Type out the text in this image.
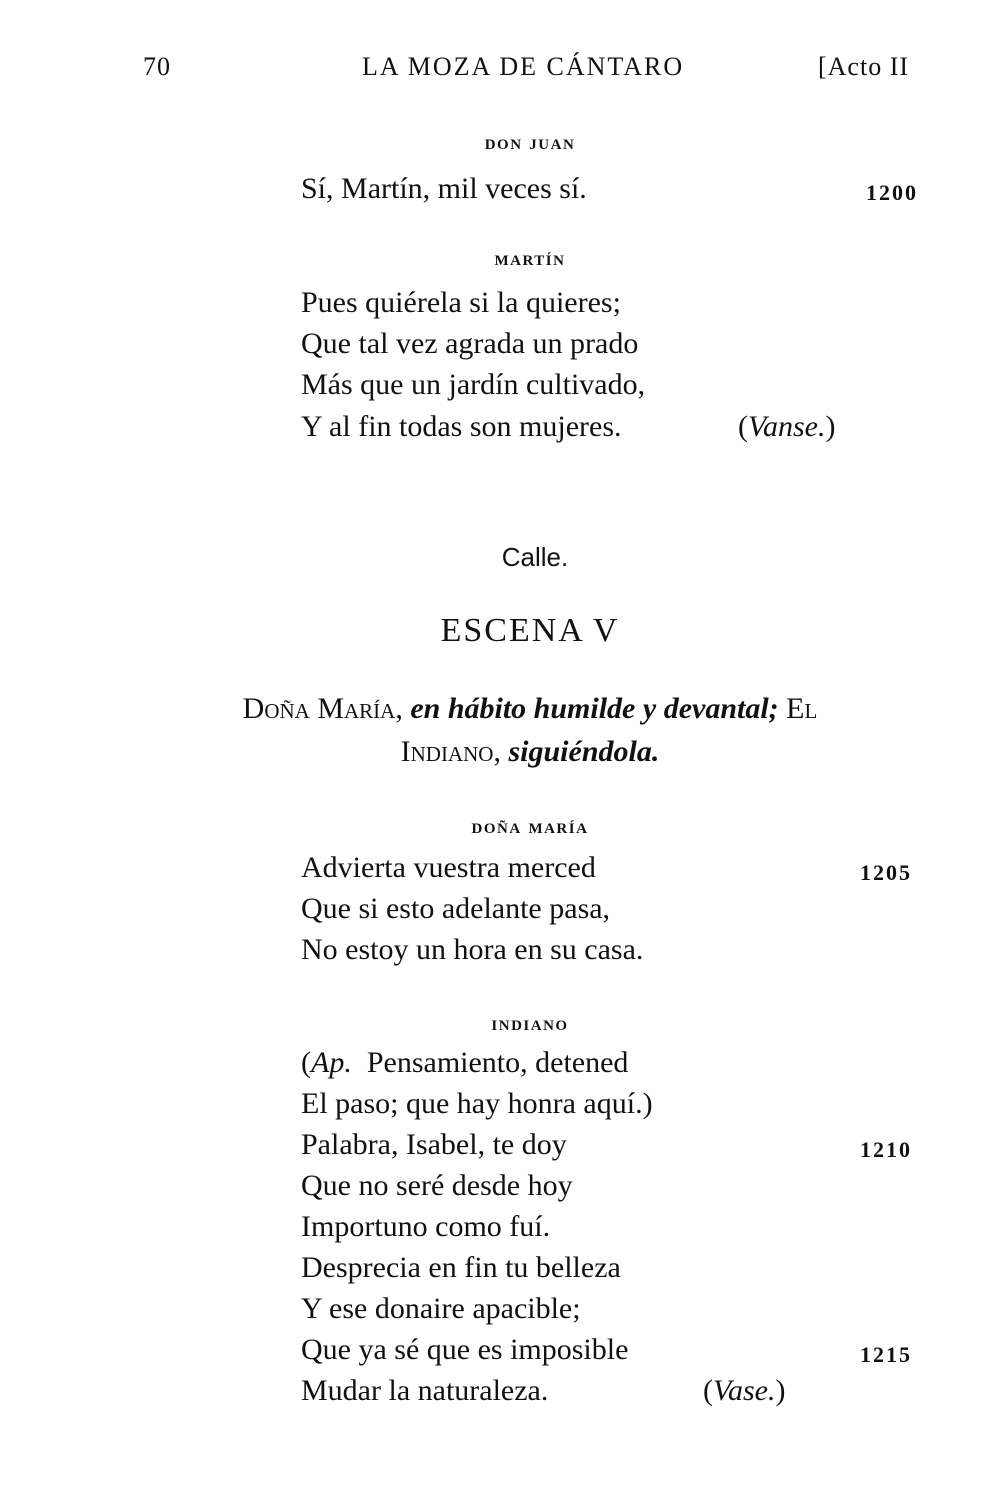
70	LA MOZA DE CÁNTARO	[Acto II
don juan
Sí, Martín, mil veces sí.	1200
martín
Pues quiérela si la quieres;
Que tal vez agrada un prado
Más que un jardín cultivado,
Y al fin todas son mujeres.	(Vanse.)
Calle.
ESCENA V
Doña María, en hábito humilde y devantal; El
Indiano, siguiéndola.
doña maría
Advierta vuestra merced	1205
Que si esto adelante pasa,
No estoy un hora en su casa.
indiano
(Ap. Pensamiento, detened
El paso; que hay honra aquí.)
Palabra, Isabel, te doy	1210
Que no seré desde hoy
Importuno como fuí.
Desprecia en fin tu belleza
Y ese donaire apacible;
Que ya sé que es imposible	1215
Mudar la naturaleza.	(Vase.)
